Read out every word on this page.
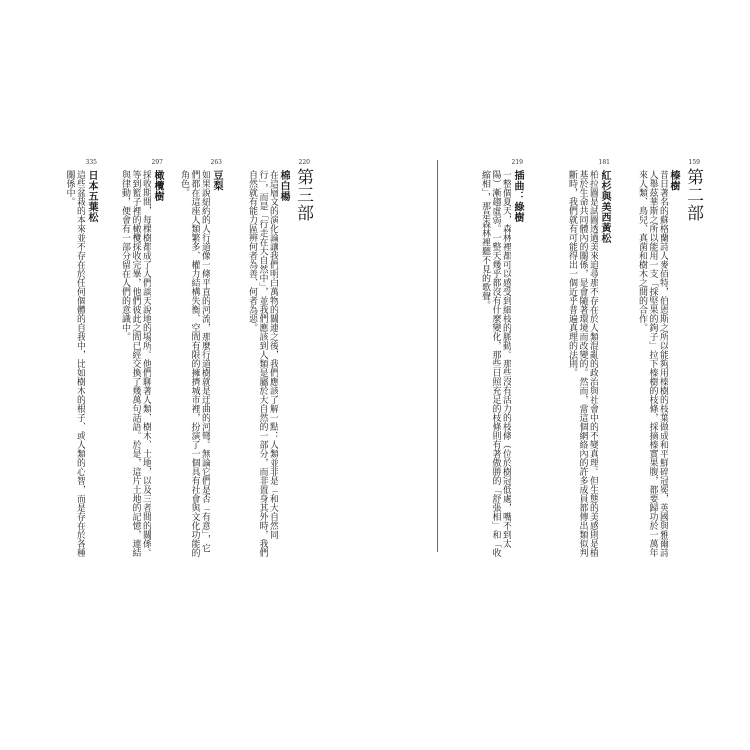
220
第三部
棉白楊
在這層文的演化論讓我們明白萬物的關連之後，我們應該了解一點：人類並非是「和大自然同行」，而是「行走在大自然中」，並我們應該到人類是屬於大自然的一部分，而非置身其外時，我們自然就有能力區辨何者為善、何者為惡。
263
豆梨
如果說紐約的人行道像一條平直的河流，那麼行道樹就是迂曲的河彎。無論它們是否「有意」，它們都在這座人類繁多、權力結構失衡、空間有限的擁擠城市裡，扮演了一個具有社會與文化功能的角色。
297
橄欖樹
採收期間，每棵樹都成了人們談天說地的場所。他們聊著人類、樹木、土地，以及三者間的關係。等到籃子裡的橄欖採收完畢，他們彼此之間已經交換了幾萬句話語。於是，這片土地的記憶，連結與律動，便會有一部分留在人們的意識中。
335
日本五葉松
這些盆栽的本來並不存在於任何個體的自我中，比如樹木的根子、或人類的心智，而是存在於各種關係中。
159
第二部
榛樹
昔日著名的蘇格蘭詩人麥佰特，伯恩斯之所以能夠用榛樹的枝葉做成和平鮮碎冠冕，英國與雅爾詩人舉茲華斯之所以能用一支「採堅果的鉤子」拉下榛樹的枝條，採摘榛實果腹，都要歸功於一萬年來人類、鳥兒、真菌和樹木之間的合作。
181
紅杉與美西黃松
柏拉圖是試圖透過美來追尋那不存在於人類混亂的政治與社會中的不變真理。但生態的美感則是植基於生命共同體內的關係，是會隨著環境而改變的。然而，當這個網絡內的許多成員都傳出類似判斷時，我們就有可能得出一個近乎普遍真理的法則。
219
插曲：綠樹
一整個夏天，森林裡都可以感受到細枝的脈動。那些沒有活力的枝條（位於樹冠低處，嘴不到太陽）漸趨虛弱。一整天幾乎都沒有什麼變化，那些日照充足的枝條則有著傲勝的「舒張相」和「收縮相」，那是森林裡聽不見的歌聲。
